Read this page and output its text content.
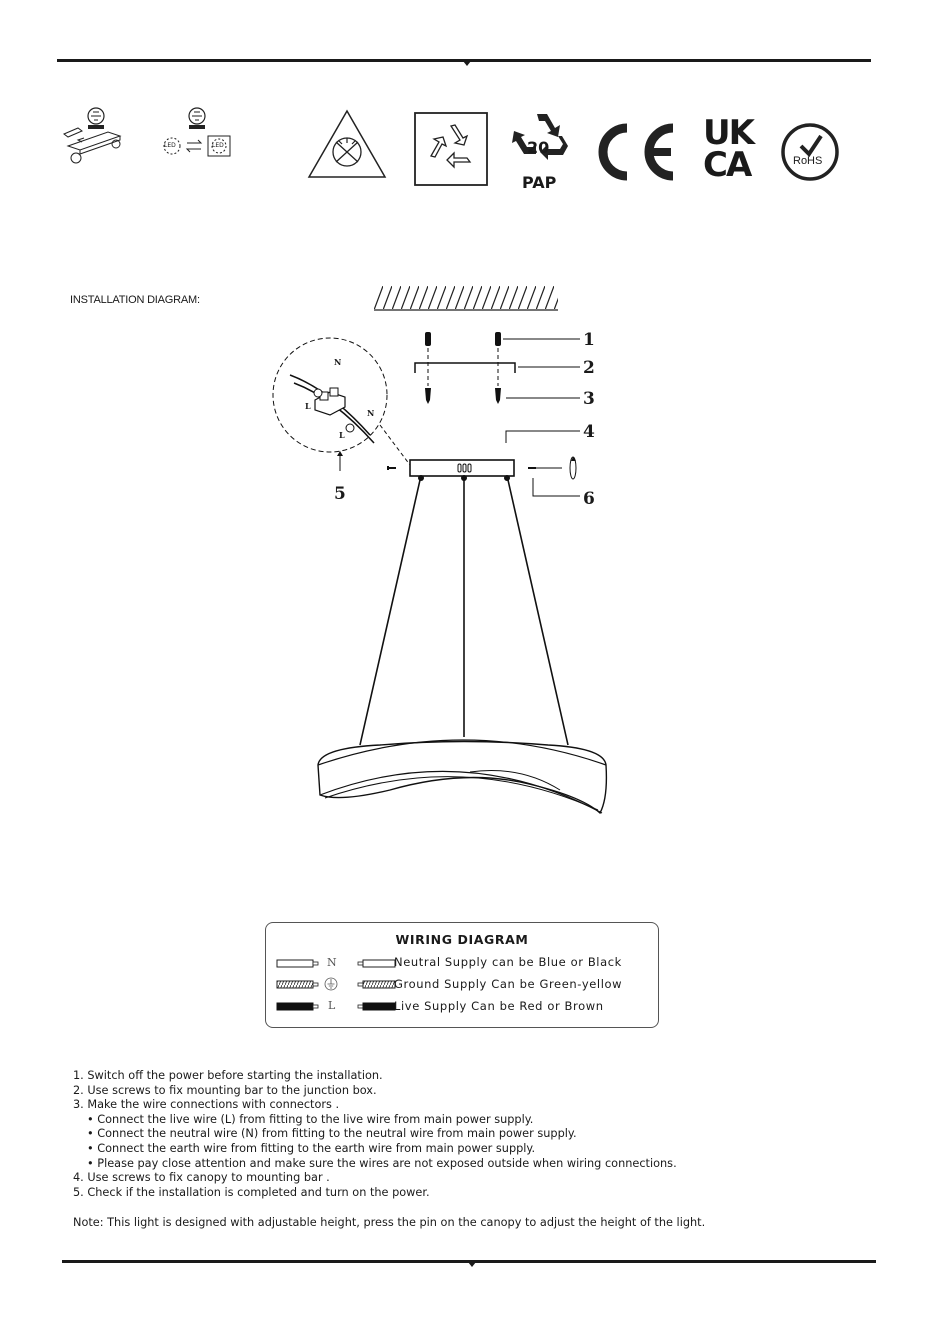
LED	LED	20
PAP
UK
CA	RoHS
INSTALLATION DIAGRAM:
N
L
N
L
1
2
3
4
5	6
WIRING DIAGRAM
N	Neutral Supply can be Blue or Black
Ground Supply Can be Green-yellow
L	Live Supply Can be Red or Brown
1. Switch off the power before starting the installation.
2. Use screws to fix mounting bar to the junction box.
3. Make the wire connections with connectors .
• Connect the live wire (L) from fitting to the live wire from main power supply.
• Connect the neutral wire (N) from fitting to the neutral wire from main power supply.
• Connect the earth wire from fitting to the earth wire from main power supply.
• Please pay close attention and make sure the wires are not exposed outside when wiring connections.
4. Use screws to fix canopy to mounting bar .
5. Check if the installation is completed and turn on the power.
Note: This light is designed with adjustable height, press the pin on the canopy to adjust the height of the light.
